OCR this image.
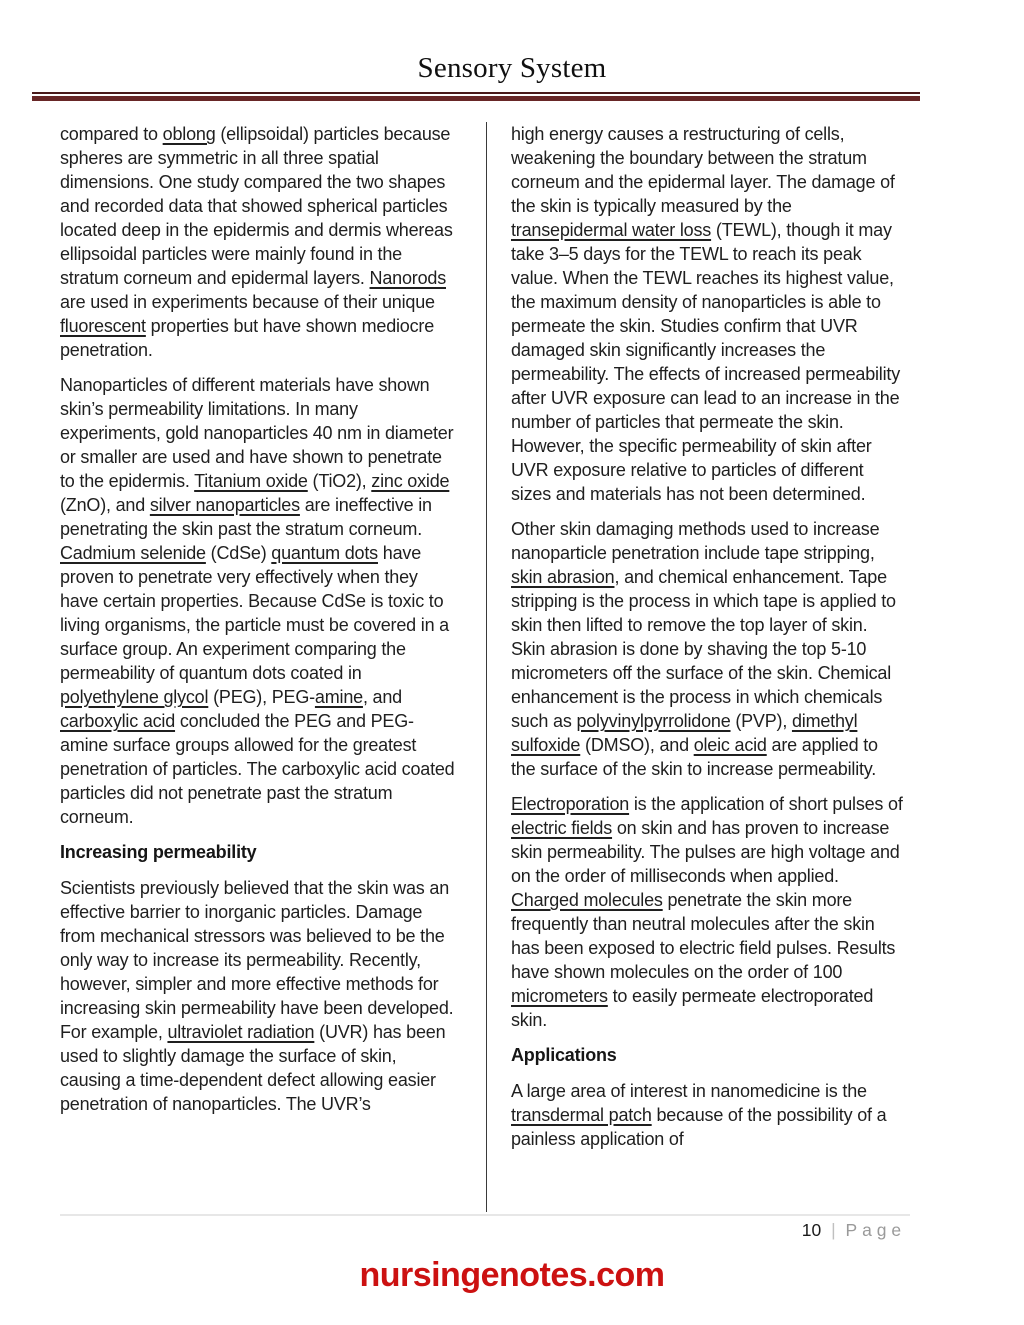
Sensory System

compared to oblong (ellipsoidal) particles because spheres are symmetric in all three spatial dimensions. One study compared the two shapes and recorded data that showed spherical particles located deep in the epidermis and dermis whereas ellipsoidal particles were mainly found in the stratum corneum and epidermal layers. Nanorods are used in experiments because of their unique fluorescent properties but have shown mediocre penetration.

Nanoparticles of different materials have shown skin’s permeability limitations. In many experiments, gold nanoparticles 40 nm in diameter or smaller are used and have shown to penetrate to the epidermis. Titanium oxide (TiO2), zinc oxide (ZnO), and silver nanoparticles are ineffective in penetrating the skin past the stratum corneum. Cadmium selenide (CdSe) quantum dots have proven to penetrate very effectively when they have certain properties. Because CdSe is toxic to living organisms, the particle must be covered in a surface group. An experiment comparing the permeability of quantum dots coated in polyethylene glycol (PEG), PEG-amine, and carboxylic acid concluded the PEG and PEG-amine surface groups allowed for the greatest penetration of particles. The carboxylic acid coated particles did not penetrate past the stratum corneum.

Increasing permeability

Scientists previously believed that the skin was an effective barrier to inorganic particles. Damage from mechanical stressors was believed to be the only way to increase its permeability. Recently, however, simpler and more effective methods for increasing skin permeability have been developed. For example, ultraviolet radiation (UVR) has been used to slightly damage the surface of skin, causing a time-dependent defect allowing easier penetration of nanoparticles. The UVR’s

high energy causes a restructuring of cells, weakening the boundary between the stratum corneum and the epidermal layer. The damage of the skin is typically measured by the transepidermal water loss (TEWL), though it may take 3–5 days for the TEWL to reach its peak value. When the TEWL reaches its highest value, the maximum density of nanoparticles is able to permeate the skin. Studies confirm that UVR damaged skin significantly increases the permeability. The effects of increased permeability after UVR exposure can lead to an increase in the number of particles that permeate the skin. However, the specific permeability of skin after UVR exposure relative to particles of different sizes and materials has not been determined.

Other skin damaging methods used to increase nanoparticle penetration include tape stripping, skin abrasion, and chemical enhancement. Tape stripping is the process in which tape is applied to skin then lifted to remove the top layer of skin. Skin abrasion is done by shaving the top 5-10 micrometers off the surface of the skin. Chemical enhancement is the process in which chemicals such as polyvinylpyrrolidone (PVP), dimethyl sulfoxide (DMSO), and oleic acid are applied to the surface of the skin to increase permeability.

Electroporation is the application of short pulses of electric fields on skin and has proven to increase skin permeability. The pulses are high voltage and on the order of milliseconds when applied. Charged molecules penetrate the skin more frequently than neutral molecules after the skin has been exposed to electric field pulses. Results have shown molecules on the order of 100 micrometers to easily permeate electroporated skin.

Applications

A large area of interest in nanomedicine is the transdermal patch because of the possibility of a painless application of

10 | Page
nursingenotes.com
